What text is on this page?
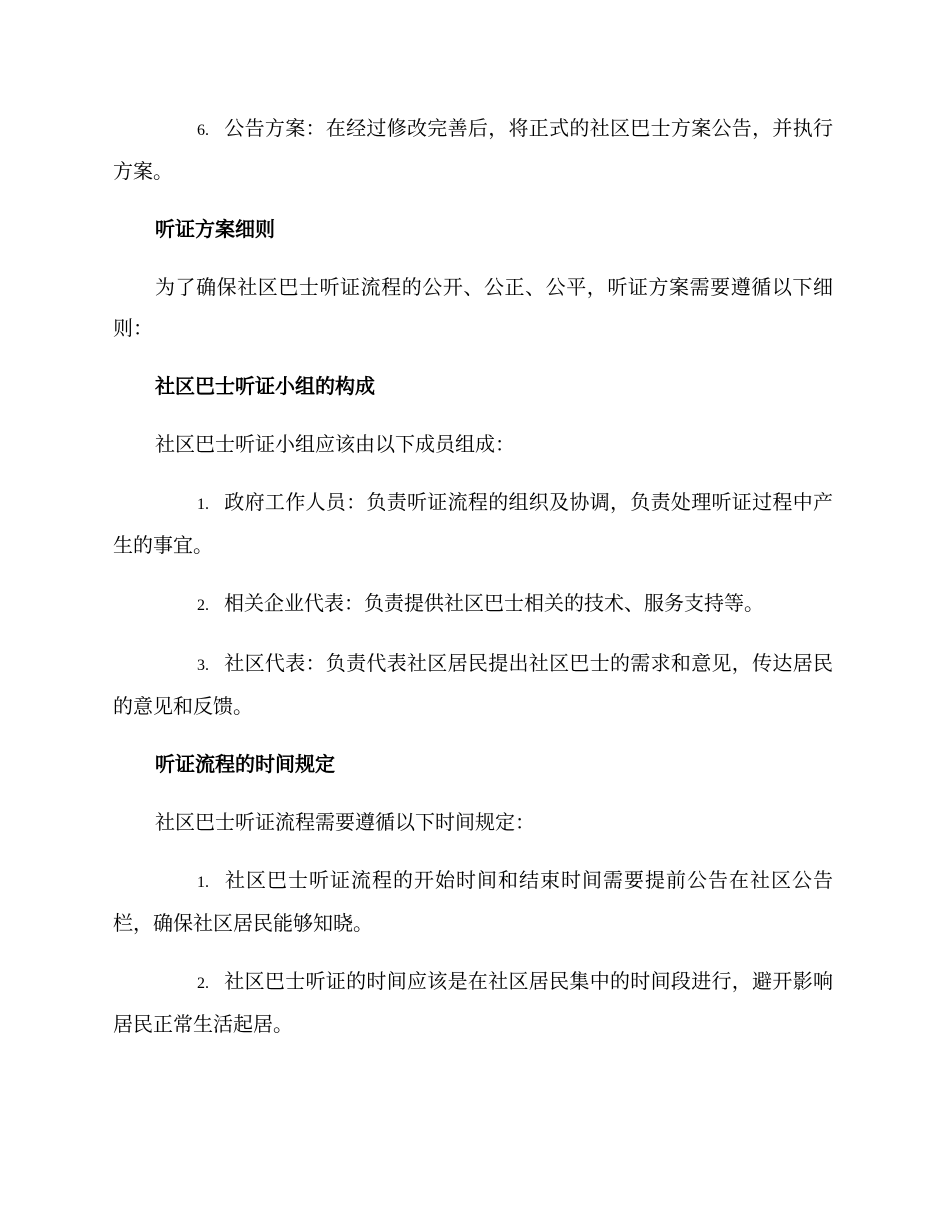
6. 公告方案：在经过修改完善后，将正式的社区巴士方案公告，并执行方案。

听证方案细则

为了确保社区巴士听证流程的公开、公正、公平，听证方案需要遵循以下细则：

社区巴士听证小组的构成

社区巴士听证小组应该由以下成员组成：

1. 政府工作人员：负责听证流程的组织及协调，负责处理听证过程中产生的事宜。

2. 相关企业代表：负责提供社区巴士相关的技术、服务支持等。

3. 社区代表：负责代表社区居民提出社区巴士的需求和意见，传达居民的意见和反馈。

听证流程的时间规定

社区巴士听证流程需要遵循以下时间规定：

1. 社区巴士听证流程的开始时间和结束时间需要提前公告在社区公告栏，确保社区居民能够知晓。

2. 社区巴士听证的时间应该是在社区居民集中的时间段进行，避开影响居民正常生活起居。
